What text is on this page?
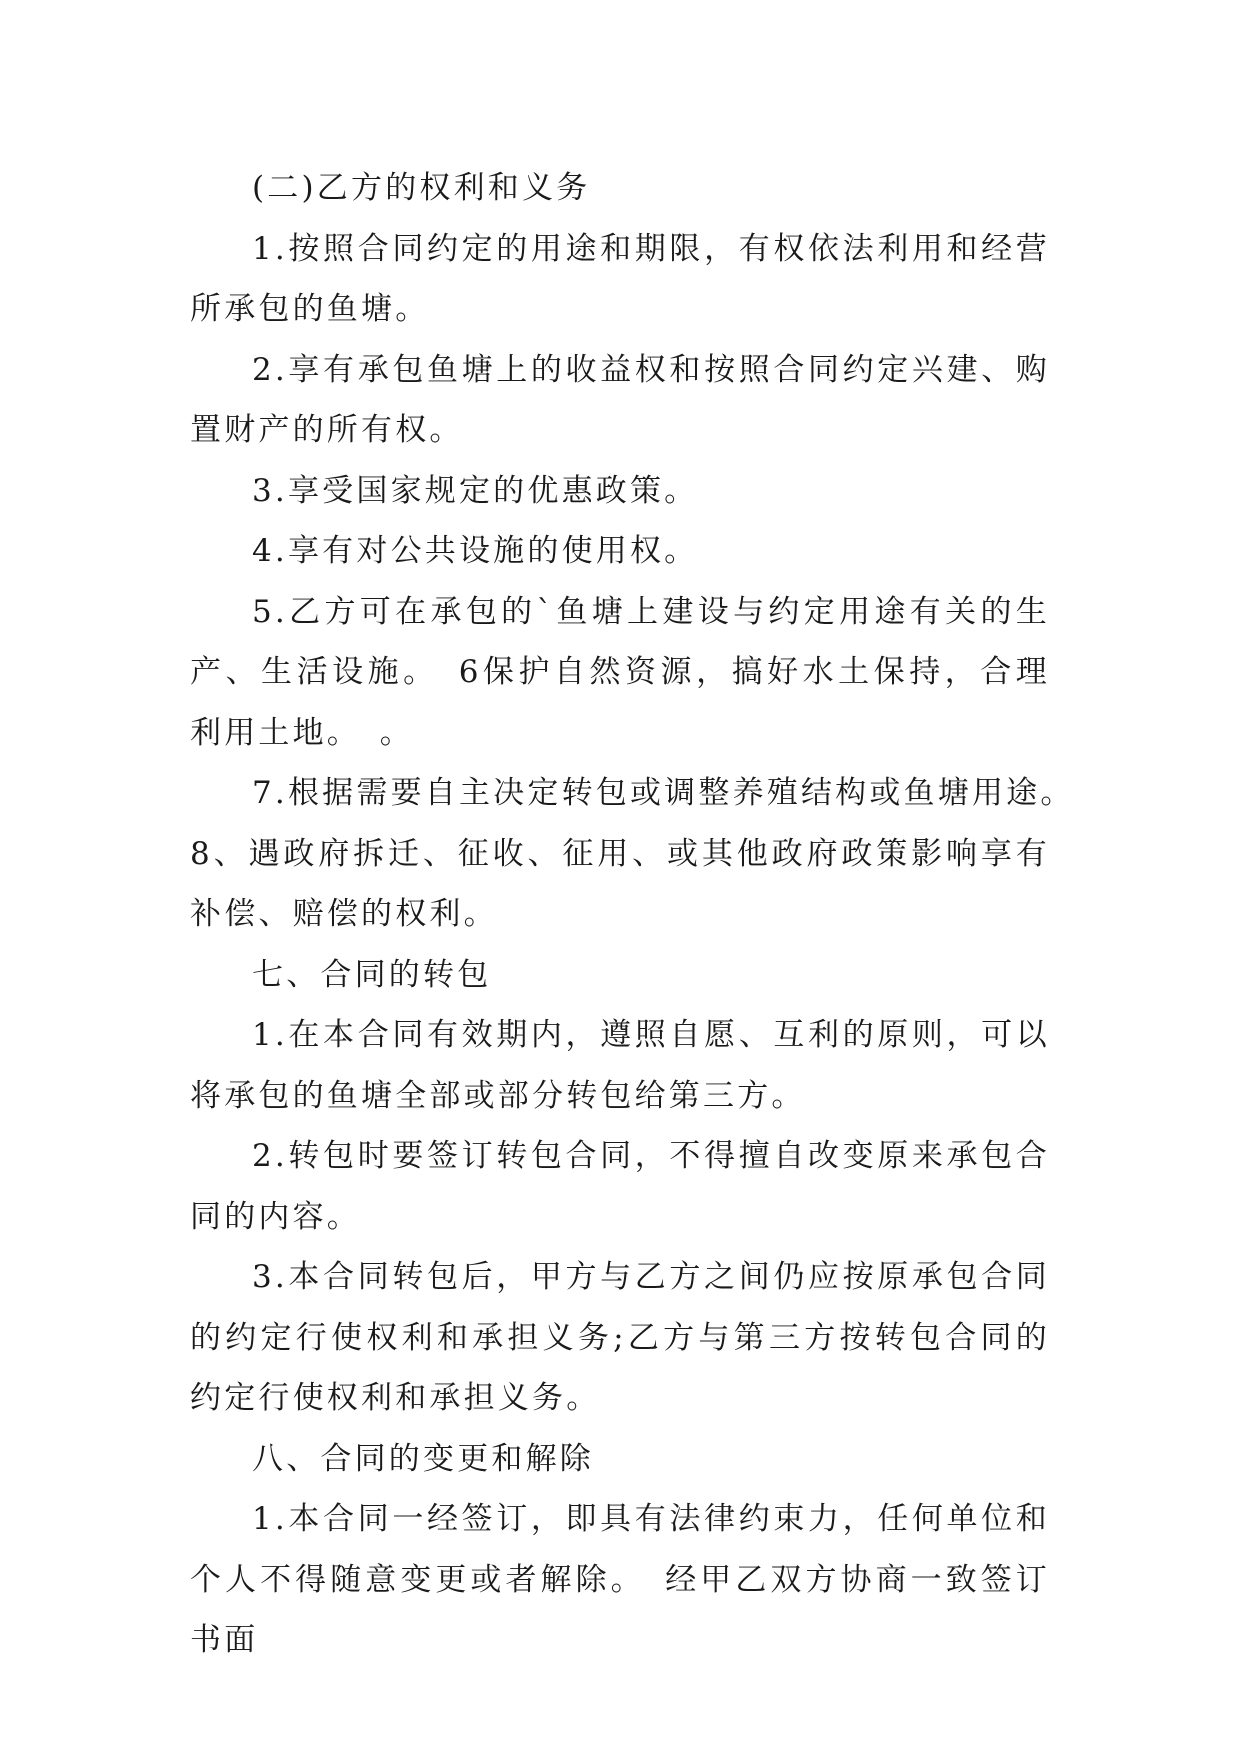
(二)乙方的权利和义务

1.按照合同约定的用途和期限，有权依法利用和经营所承包的鱼塘。

2.享有承包鱼塘上的收益权和按照合同约定兴建、购置财产的所有权。

3.享受国家规定的优惠政策。

4.享有对公共设施的使用权。

5.乙方可在承包的`鱼塘上建设与约定用途有关的生产、生活设施。　6保护自然资源，搞好水土保持，合理利用土地。　。

7.根据需要自主决定转包或调整养殖结构或鱼塘用途。

8、遇政府拆迁、征收、征用、或其他政府政策影响享有补偿、赔偿的权利。

七、合同的转包

1.在本合同有效期内，遵照自愿、互利的原则，可以将承包的鱼塘全部或部分转包给第三方。

2.转包时要签订转包合同，不得擅自改变原来承包合同的内容。

3.本合同转包后，甲方与乙方之间仍应按原承包合同的约定行使权利和承担义务;乙方与第三方按转包合同的约定行使权利和承担义务。

八、合同的变更和解除

1.本合同一经签订，即具有法律约束力，任何单位和个人不得随意变更或者解除。　经甲乙双方协商一致签订书面
